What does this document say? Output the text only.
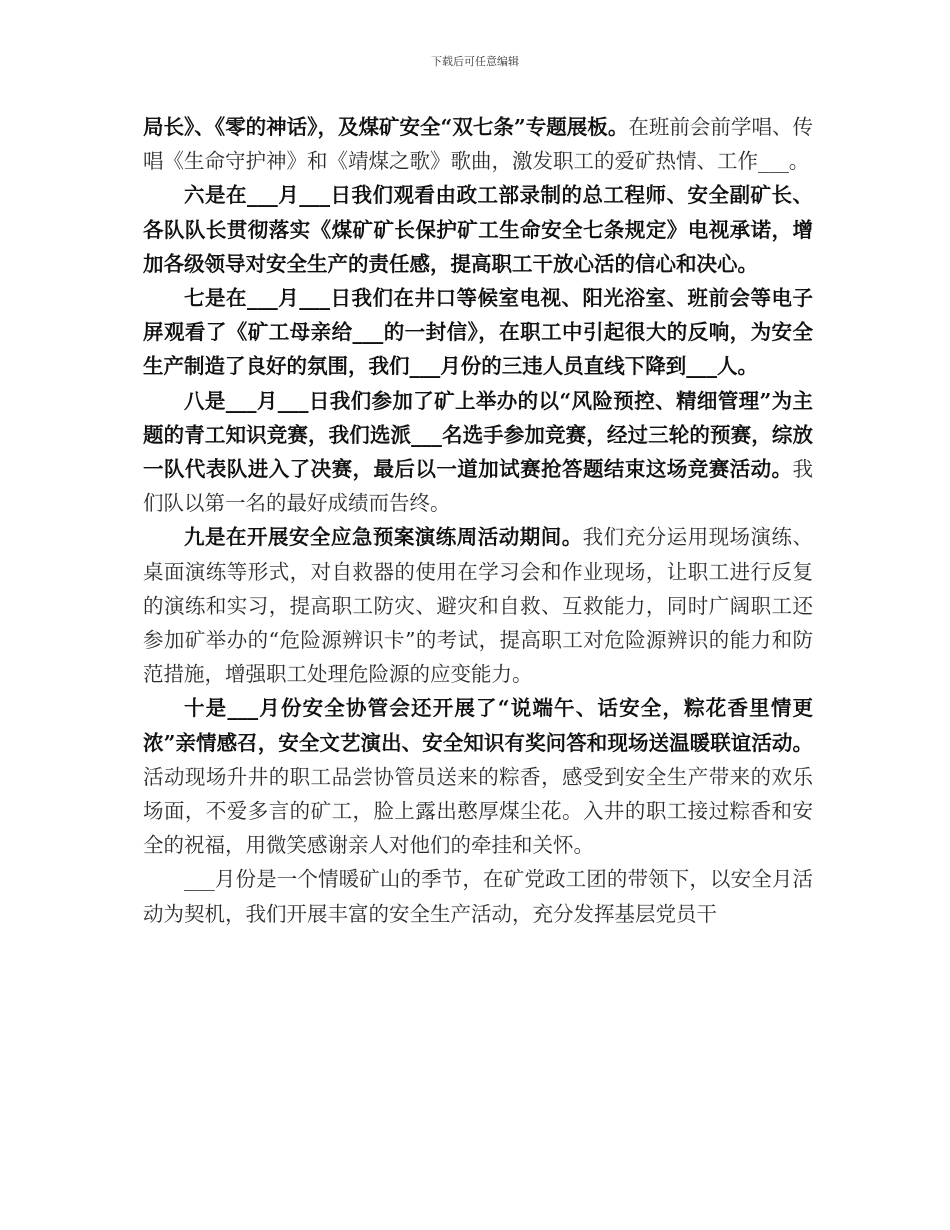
下载后可任意编辑

局长》、《零的神话》，及煤矿安全“双七条”专题展板。在班前会前学唱、传唱《生命守护神》和《靖煤之歌》歌曲，激发职工的爱矿热情、工作___。

六是在___月___日我们观看由政工部录制的总工程师、安全副矿长、各队队长贯彻落实《煤矿矿长保护矿工生命安全七条规定》电视承诺，增加各级领导对安全生产的责任感，提高职工干放心活的信心和决心。

七是在___月___日我们在井口等候室电视、阳光浴室、班前会等电子屏观看了《矿工母亲给___的一封信》，在职工中引起很大的反响，为安全生产制造了良好的氛围，我们___月份的三违人员直线下降到___人。

八是___月___日我们参加了矿上举办的以“风险预控、精细管理”为主题的青工知识竞赛，我们选派___名选手参加竞赛，经过三轮的预赛，综放一队代表队进入了决赛，最后以一道加试赛抢答题结束这场竞赛活动。我们队以第一名的最好成绩而告终。

九是在开展安全应急预案演练周活动期间。我们充分运用现场演练、桌面演练等形式，对自救器的使用在学习会和作业现场，让职工进行反复的演练和实习，提高职工防灾、避灾和自救、互救能力，同时广阔职工还参加矿举办的“危险源辨识卡”的考试，提高职工对危险源辨识的能力和防范措施，增强职工处理危险源的应变能力。

十是___月份安全协管会还开展了“说端午、话安全，粽花香里情更浓”亲情感召，安全文艺演出、安全知识有奖问答和现场送温暖联谊活动。活动现场升井的职工品尝协管员送来的粽香，感受到安全生产带来的欢乐场面，不爱多言的矿工，脸上露出憨厚煤尘花。入井的职工接过粽香和安全的祝福，用微笑感谢亲人对他们的牵挂和关怀。

___月份是一个情暖矿山的季节，在矿党政工团的带领下，以安全月活动为契机，我们开展丰富的安全生产活动，充分发挥基层党员干
